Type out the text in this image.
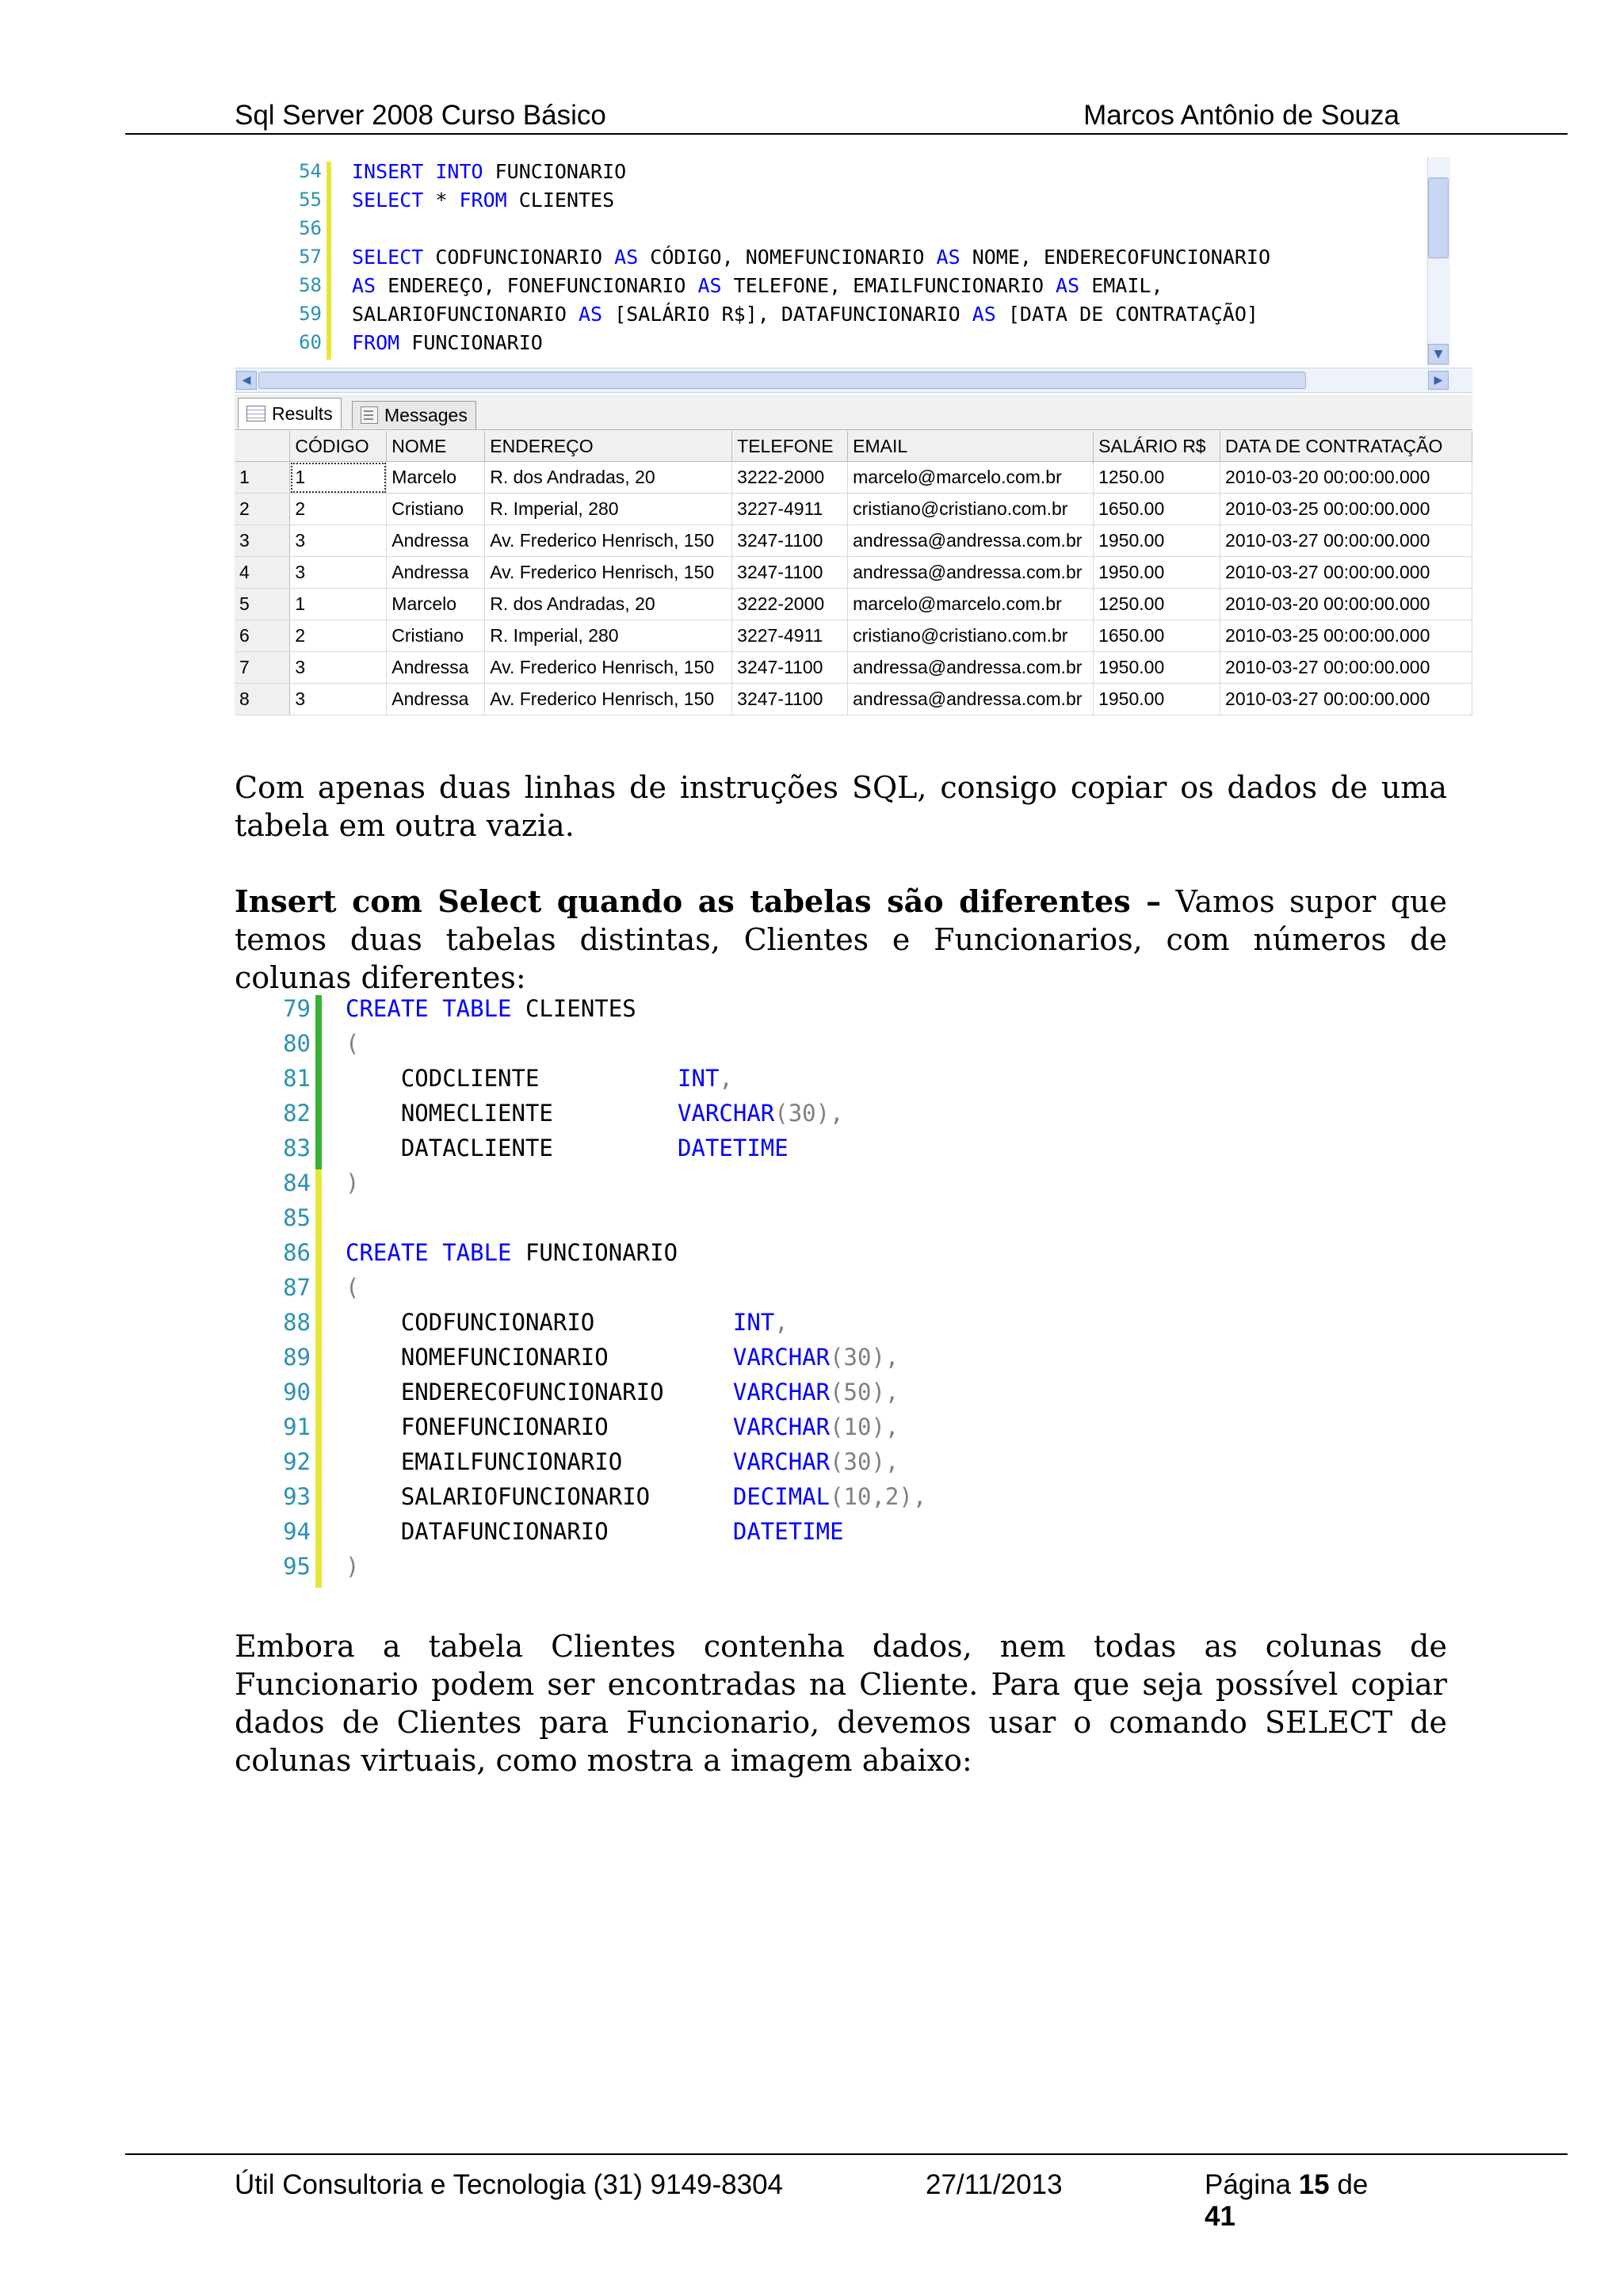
Sql Server 2008 Curso Básico	Marcos Antônio de Souza
54
55
56
57
58
59
60
INSERT INTO FUNCIONARIO
SELECT * FROM CLIENTES
SELECT CODFUNCIONARIO AS CÓDIGO, NOMEFUNCIONARIO AS NOME, ENDERECOFUNCIONARIO
AS ENDEREÇO, FONEFUNCIONARIO AS TELEFONE, EMAILFUNCIONARIO AS EMAIL,
SALARIOFUNCIONARIO AS [SALÁRIO R$], DATAFUNCIONARIO AS [DATA DE CONTRATAÇÃO]
FROM FUNCIONARIO	▼
◀	▶
Results	Messages
	CÓDIGO	NOME	ENDEREÇO	TELEFONE	EMAIL	SALÁRIO R$	DATA DE CONTRATAÇÃO
1	1	Marcelo	R. dos Andradas, 20	3222-2000	marcelo@marcelo.com.br	1250.00	2010-03-20 00:00:00.000
2	2	Cristiano	R. Imperial, 280	3227-4911	cristiano@cristiano.com.br	1650.00	2010-03-25 00:00:00.000
3	3	Andressa	Av. Frederico Henrisch, 150	3247-1100	andressa@andressa.com.br	1950.00	2010-03-27 00:00:00.000
4	3	Andressa	Av. Frederico Henrisch, 150	3247-1100	andressa@andressa.com.br	1950.00	2010-03-27 00:00:00.000
5	1	Marcelo	R. dos Andradas, 20	3222-2000	marcelo@marcelo.com.br	1250.00	2010-03-20 00:00:00.000
6	2	Cristiano	R. Imperial, 280	3227-4911	cristiano@cristiano.com.br	1650.00	2010-03-25 00:00:00.000
7	3	Andressa	Av. Frederico Henrisch, 150	3247-1100	andressa@andressa.com.br	1950.00	2010-03-27 00:00:00.000
8	3	Andressa	Av. Frederico Henrisch, 150	3247-1100	andressa@andressa.com.br	1950.00	2010-03-27 00:00:00.000

Com apenas duas linhas de instruções SQL, consigo copiar os dados de uma tabela em outra vazia.

Insert com Select quando as tabelas são diferentes – Vamos supor que temos duas tabelas distintas, Clientes e Funcionarios, com números de colunas diferentes:

79 CREATE TABLE CLIENTES
80 (
81 CODCLIENTE          INT,
82 NOMECLIENTE         VARCHAR(30),
83 DATACLIENTE         DATETIME
84 )
85
86 CREATE TABLE FUNCIONARIO
87 (
88 CODFUNCIONARIO          INT,
89 NOMEFUNCIONARIO         VARCHAR(30),
90 ENDERECOFUNCIONARIO     VARCHAR(50),
91 FONEFUNCIONARIO         VARCHAR(10),
92 EMAILFUNCIONARIO        VARCHAR(30),
93 SALARIOFUNCIONARIO      DECIMAL(10,2),
94 DATAFUNCIONARIO         DATETIME
95 )

Embora a tabela Clientes contenha dados, nem todas as colunas de Funcionario podem ser encontradas na Cliente. Para que seja possível copiar dados de Clientes para Funcionario, devemos usar o comando SELECT de colunas virtuais, como mostra a imagem abaixo:

Útil Consultoria e Tecnologia (31) 9149-8304	27/11/2013	Página 15 de 41
